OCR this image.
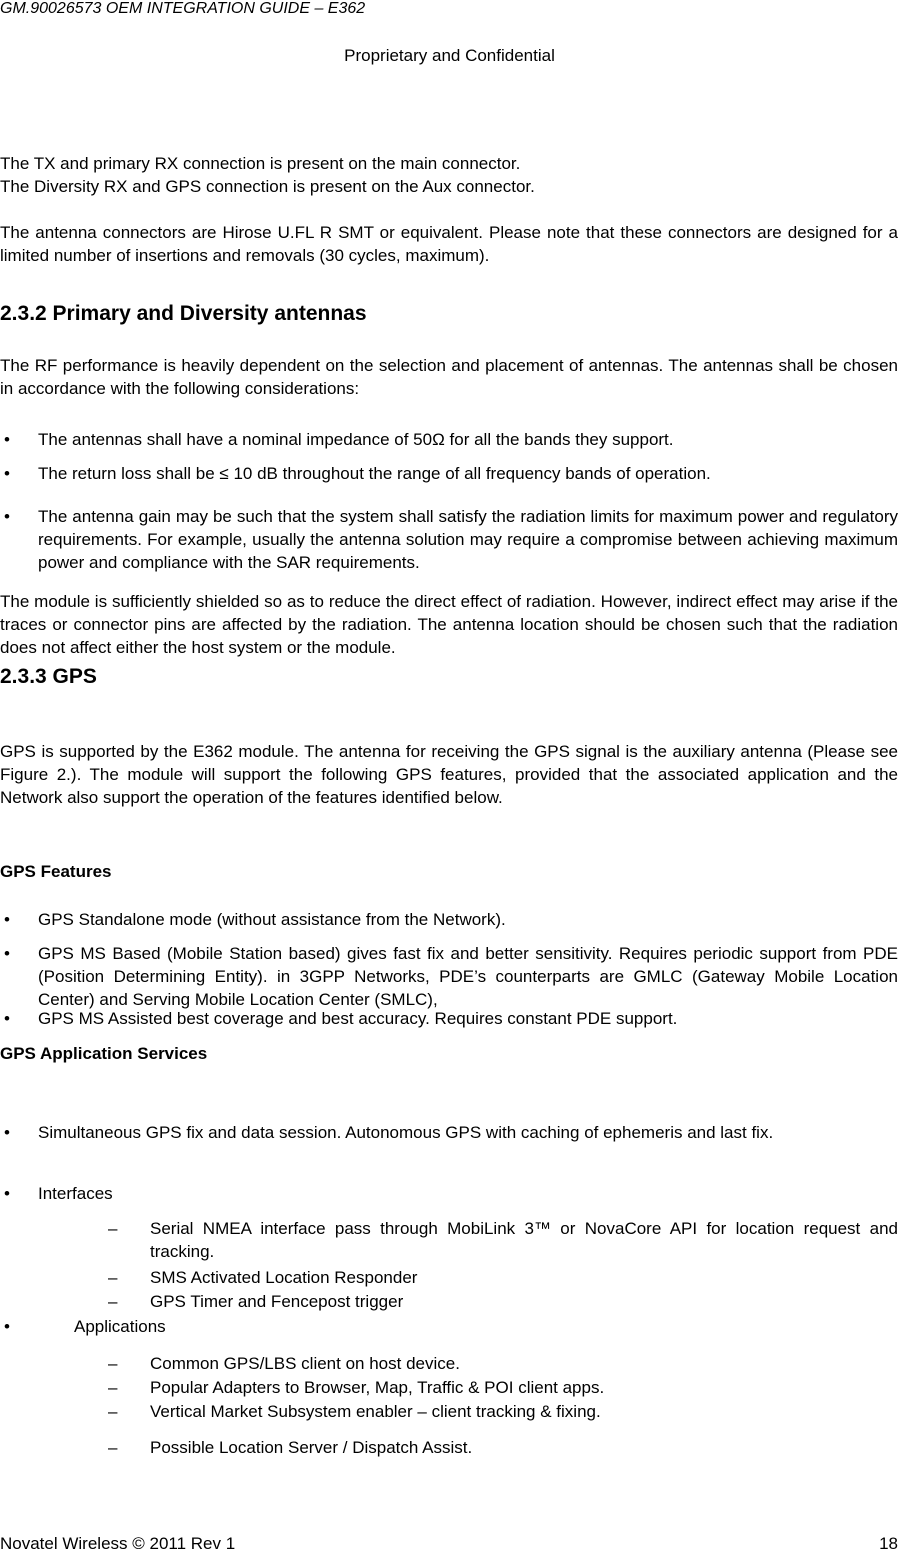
GM.90026573 OEM INTEGRATION GUIDE – E362
Proprietary and Confidential

The TX and primary RX connection is present on the main connector.

The Diversity RX and GPS connection is present on the Aux connector.

The antenna connectors are Hirose U.FL R SMT or equivalent. Please note that these connectors are designed for a limited number of insertions and removals (30 cycles, maximum).

2.3.2 Primary and Diversity antennas

The RF performance is heavily dependent on the selection and placement of antennas. The antennas shall be chosen in accordance with the following considerations:

• The antennas shall have a nominal impedance of 50Ω for all the bands they support.
• The return loss shall be ≤ 10 dB throughout the range of all frequency bands of operation.
• The antenna gain may be such that the system shall satisfy the radiation limits for maximum power and regulatory requirements. For example, usually the antenna solution may require a compromise between achieving maximum power and compliance with the SAR requirements.

The module is sufficiently shielded so as to reduce the direct effect of radiation. However, indirect effect may arise if the traces or connector pins are affected by the radiation. The antenna location should be chosen such that the radiation does not affect either the host system or the module.

2.3.3 GPS

GPS is supported by the E362 module. The antenna for receiving the GPS signal is the auxiliary antenna (Please see Figure 2.). The module will support the following GPS features, provided that the associated application and the Network also support the operation of the features identified below.

GPS Features
• GPS Standalone mode (without assistance from the Network).
• GPS MS Based (Mobile Station based) gives fast fix and better sensitivity. Requires periodic support from PDE (Position Determining Entity). in 3GPP Networks, PDE’s counterparts are GMLC (Gateway Mobile Location Center) and Serving Mobile Location Center (SMLC),
• GPS MS Assisted best coverage and best accuracy. Requires constant PDE support.
GPS Application Services
• Simultaneous GPS fix and data session. Autonomous GPS with caching of ephemeris and last fix.
• Interfaces
– Serial NMEA interface pass through MobiLink 3™ or NovaCore API for location request and tracking.
– SMS Activated Location Responder
– GPS Timer and Fencepost trigger
•	Applications
– Common GPS/LBS client on host device.
– Popular Adapters to Browser, Map, Traffic & POI client apps.
– Vertical Market Subsystem enabler – client tracking & fixing.
– Possible Location Server / Dispatch Assist.
Novatel Wireless © 2011 Rev 1	18
